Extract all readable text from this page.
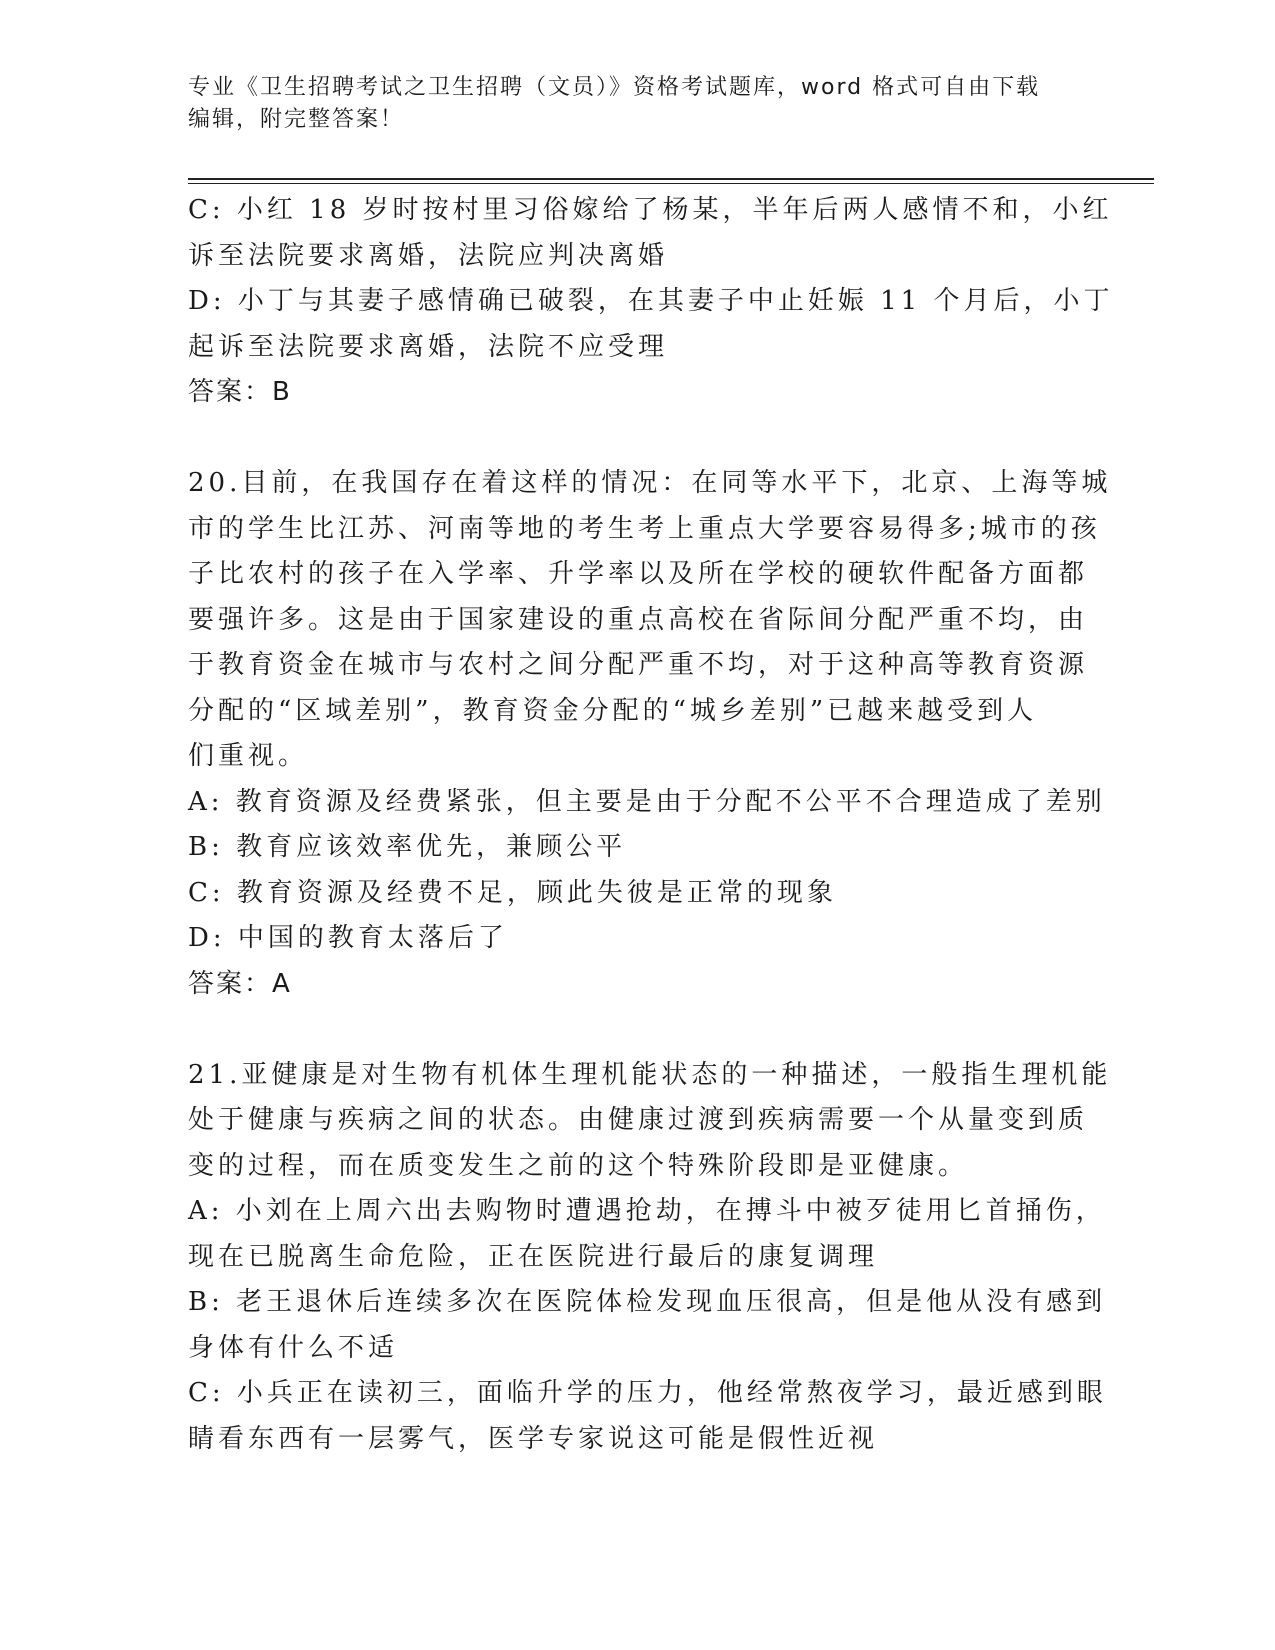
专业《卫生招聘考试之卫生招聘（文员）》资格考试题库，word 格式可自由下载
编辑，附完整答案！
C: 小红 18 岁时按村里习俗嫁给了杨某，半年后两人感情不和，小红
诉至法院要求离婚，法院应判决离婚
D: 小丁与其妻子感情确已破裂，在其妻子中止妊娠 11 个月后，小丁
起诉至法院要求离婚，法院不应受理
答案：B
20.目前，在我国存在着这样的情况：在同等水平下，北京、上海等城
市的学生比江苏、河南等地的考生考上重点大学要容易得多;城市的孩
子比农村的孩子在入学率、升学率以及所在学校的硬软件配备方面都
要强许多。这是由于国家建设的重点高校在省际间分配严重不均，由
于教育资金在城市与农村之间分配严重不均，对于这种高等教育资源
分配的“区域差别”，教育资金分配的“城乡差别”已越来越受到人
们重视。
A: 教育资源及经费紧张，但主要是由于分配不公平不合理造成了差别
B: 教育应该效率优先，兼顾公平
C: 教育资源及经费不足，顾此失彼是正常的现象
D: 中国的教育太落后了
答案：A
21.亚健康是对生物有机体生理机能状态的一种描述，一般指生理机能
处于健康与疾病之间的状态。由健康过渡到疾病需要一个从量变到质
变的过程，而在质变发生之前的这个特殊阶段即是亚健康。
A: 小刘在上周六出去购物时遭遇抢劫，在搏斗中被歹徒用匕首捅伤，
现在已脱离生命危险，正在医院进行最后的康复调理
B: 老王退休后连续多次在医院体检发现血压很高，但是他从没有感到
身体有什么不适
C: 小兵正在读初三，面临升学的压力，他经常熬夜学习，最近感到眼
睛看东西有一层雾气，医学专家说这可能是假性近视
